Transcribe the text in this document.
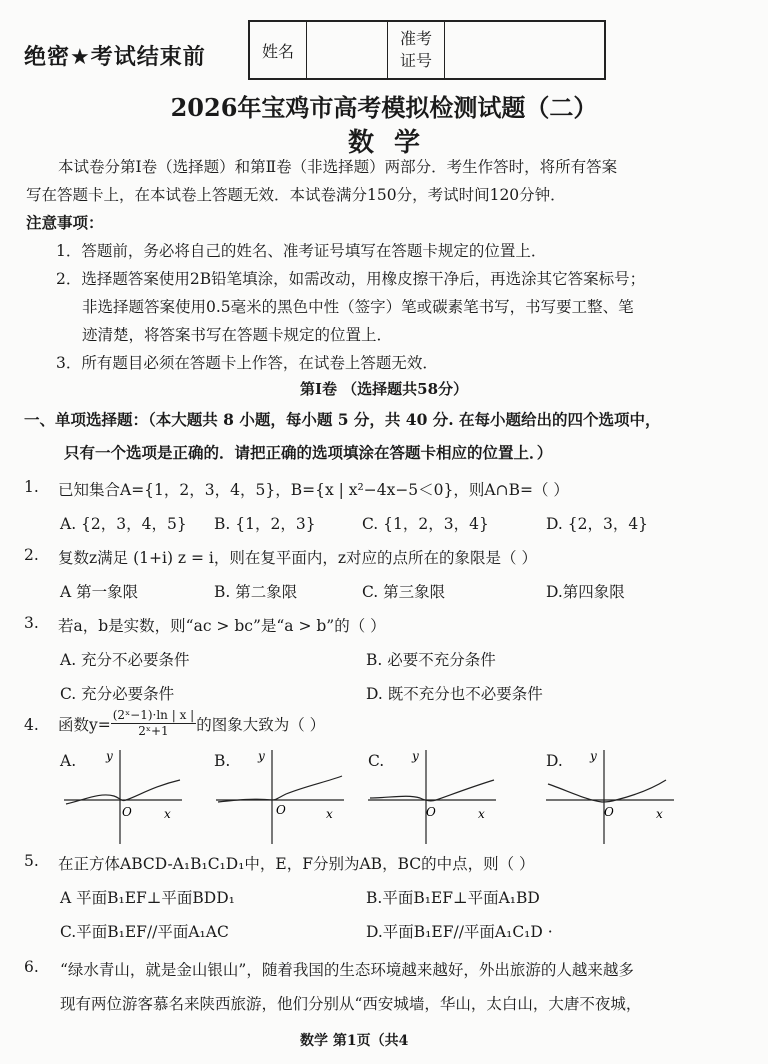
绝密★考试结束前	姓名
准考
证号
2026年宝鸡市高考模拟检测试题（二）
数学
本试卷分第Ⅰ卷（选择题）和第Ⅱ卷（非选择题）两部分．考生作答时，将所有答案
写在答题卡上，在本试卷上答题无效．本试卷满分150分，考试时间120分钟．
注意事项：
1．答题前，务必将自己的姓名、准考证号填写在答题卡规定的位置上．
2．选择题答案使用2B铅笔填涂，如需改动，用橡皮擦干净后，再选涂其它答案标号；
非选择题答案使用0.5毫米的黑色中性（签字）笔或碳素笔书写，书写要工整、笔
迹清楚，将答案书写在答题卡规定的位置上．
3．所有题目必须在答题卡上作答，在试卷上答题无效．
第Ⅰ卷 （选择题共58分）
一、单项选择题：（本大题共 8 小题，每小题 5 分，共 40 分. 在每小题给出的四个选项中，
只有一个选项是正确的．请把正确的选项填涂在答题卡相应的位置上．）
1. 已知集合A={1，2，3，4，5}，B={x | x²−4x−5＜0}，则A∩B=（ ）
A. {2，3，4，5} B. {1，2，3}	C. {1，2，3，4}	D. {2，3，4}
2. 复数z满足 (1+i) z = i，则在复平面内，z对应的点所在的象限是（ ）
A 第一象限	B. 第二象限	C. 第三象限	D.第四象限
3. 若a，b是实数，则“ac > bc”是“a > b”的（ ）
A. 充分不必要条件	B. 必要不充分条件
C. 充分必要条件	D. 既不充分也不必要条件
4. 函数$y= \frac{\text{(2ˣ−1)·ln | x |}}{\text{2ˣ+1}}$ 的图象大致为（ ）
A. y
x
O
B. y
x
O
C. y
x
O
D. y
x
O
5. 在正方体ABCD-A₁B₁C₁D₁中，E，F分别为AB，BC的中点，则（ ）
A 平面B₁EF⊥平面BDD₁	B.平面B₁EF⊥平面A₁BD
C.平面B₁EF//平面A₁AC	D.平面B₁EF//平面A₁C₁D ·
6. “绿水青山，就是金山银山”，随着我国的生态环境越来越好，外出旅游的人越来越多
现有两位游客慕名来陕西旅游，他们分别从“西安城墙，华山，太白山，大唐不夜城，
数学 第1页（共4
